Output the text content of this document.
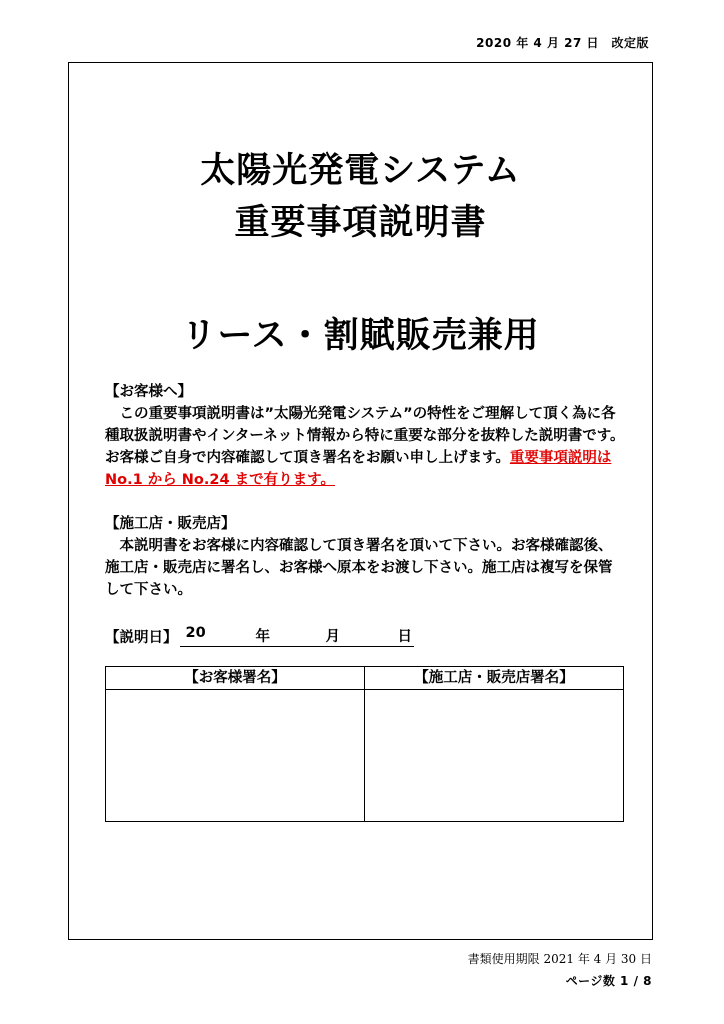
2020 年 4 月 27 日　改定版
太陽光発電システム
重要事項説明書
リース・割賦販売兼用
【お客様へ】
この重要事項説明書は”太陽光発電システム”の特性をご理解して頂く為に各種取扱説明書やインターネット情報から特に重要な部分を抜粋した説明書です。お客様ご自身で内容確認して頂き署名をお願い申し上げます。重要事項説明はNo.1 から No.24 まで有ります。
【施工店・販売店】
本説明書をお客様に内容確認して頂き署名を頂いて下さい。お客様確認後、施工店・販売店に署名し、お客様へ原本をお渡し下さい。施工店は複写を保管して下さい。
【説明日】 20	年	月	日
【お客様署名】	【施工店・販売店署名】
書類使用期限 2021 年 4 月 30 日
ページ数 1 / 8
